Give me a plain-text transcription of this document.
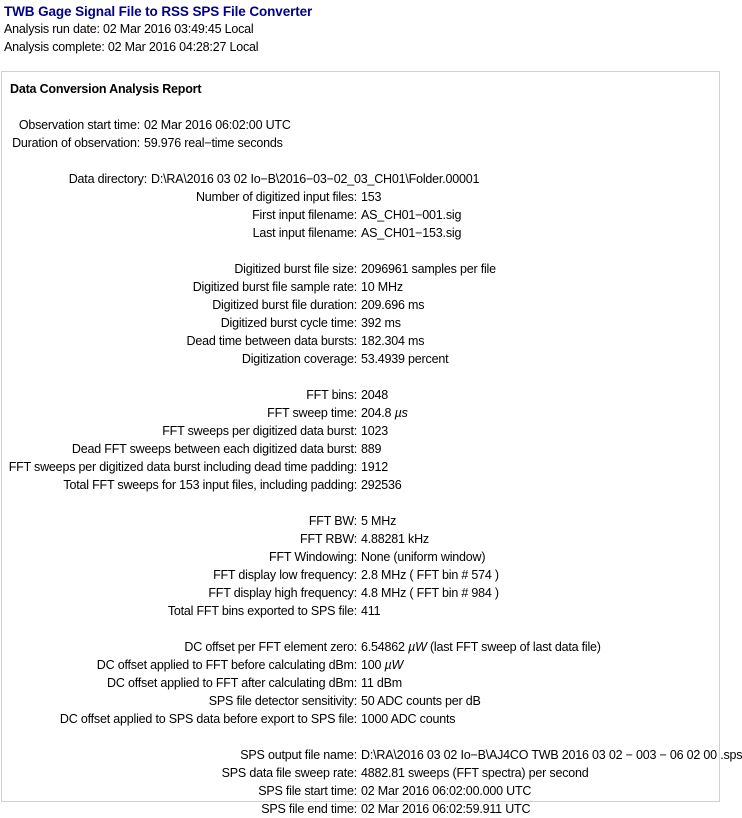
TWB Gage Signal File to RSS SPS File Converter
Analysis run date: 02 Mar 2016 03:49:45 Local
Analysis complete: 02 Mar 2016 04:28:27 Local
Data Conversion Analysis Report
Observation start time: 02 Mar 2016 06:02:00 UTC
Duration of observation: 59.976 real−time seconds
Data directory: D:\RA\2016 03 02 Io−B\2016−03−02_03_CH01\Folder.00001
Number of digitized input files: 153
First input filename: AS_CH01−001.sig
Last input filename: AS_CH01−153.sig
Digitized burst file size: 2096961 samples per file
Digitized burst file sample rate: 10 MHz
Digitized burst file duration: 209.696 ms
Digitized burst cycle time: 392 ms
Dead time between data bursts: 182.304 ms
Digitization coverage: 53.4939 percent
FFT bins: 2048
FFT sweep time: 204.8 µs
FFT sweeps per digitized data burst: 1023
Dead FFT sweeps between each digitized data burst: 889
FFT sweeps per digitized data burst including dead time padding: 1912
Total FFT sweeps for 153 input files, including padding: 292536
FFT BW: 5 MHz
FFT RBW: 4.88281 kHz
FFT Windowing: None (uniform window)
FFT display low frequency: 2.8 MHz ( FFT bin # 574 )
FFT display high frequency: 4.8 MHz ( FFT bin # 984 )
Total FFT bins exported to SPS file: 411
DC offset per FFT element zero: 6.54862 µW (last FFT sweep of last data file)
DC offset applied to FFT before calculating dBm: 100 µW
DC offset applied to FFT after calculating dBm: 11 dBm
SPS file detector sensitivity: 50 ADC counts per dB
DC offset applied to SPS data before export to SPS file: 1000 ADC counts
SPS output file name: D:\RA\2016 03 02 Io−B\AJ4CO TWB 2016 03 02 − 003 − 06 02 00 .sps
SPS data file sweep rate: 4882.81 sweeps (FFT spectra) per second
SPS file start time: 02 Mar 2016 06:02:00.000 UTC
SPS file end time: 02 Mar 2016 06:02:59.911 UTC
